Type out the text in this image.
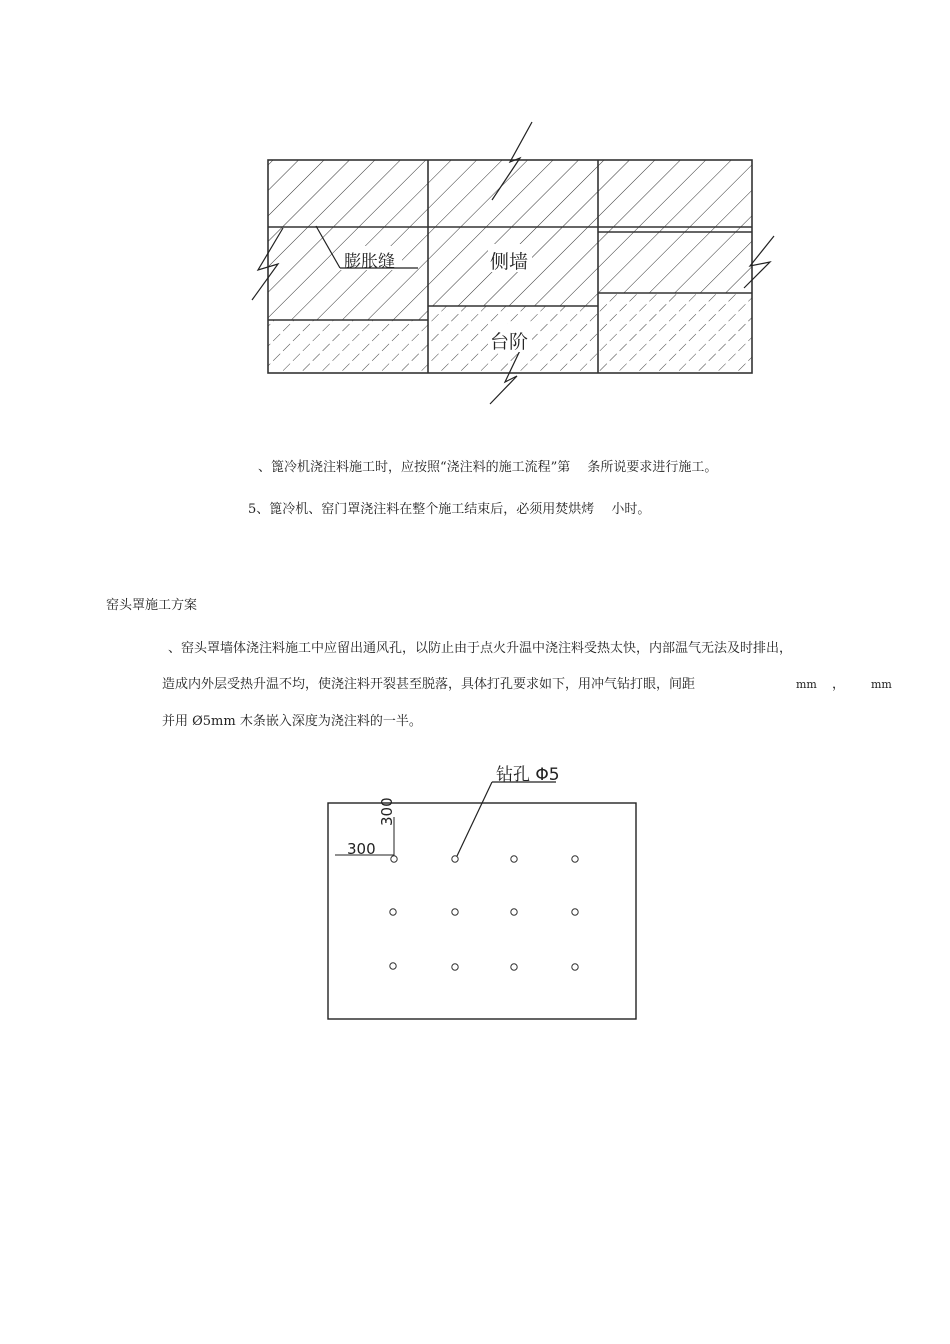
膨胀缝	侧墙
台阶
、篦冷机浇注料施工时，应按照“浇注料的施工流程”第　 条所说要求进行施工。
5、篦冷机、窑门罩浇注料在整个施工结束后，必须用焚烘烤　 小时。
窑头罩施工方案
、窑头罩墙体浇注料施工中应留出通风孔，以防止由于点火升温中浇注料受热太快，内部温气无法及时排出，
造成内外层受热升温不均，使浇注料开裂甚至脱落，具体打孔要求如下，用冲气钻打眼，间距	mm ， mm
并用 Ø5mm 木条嵌入深度为浇注料的一半。
钻孔 Φ5
300
300
